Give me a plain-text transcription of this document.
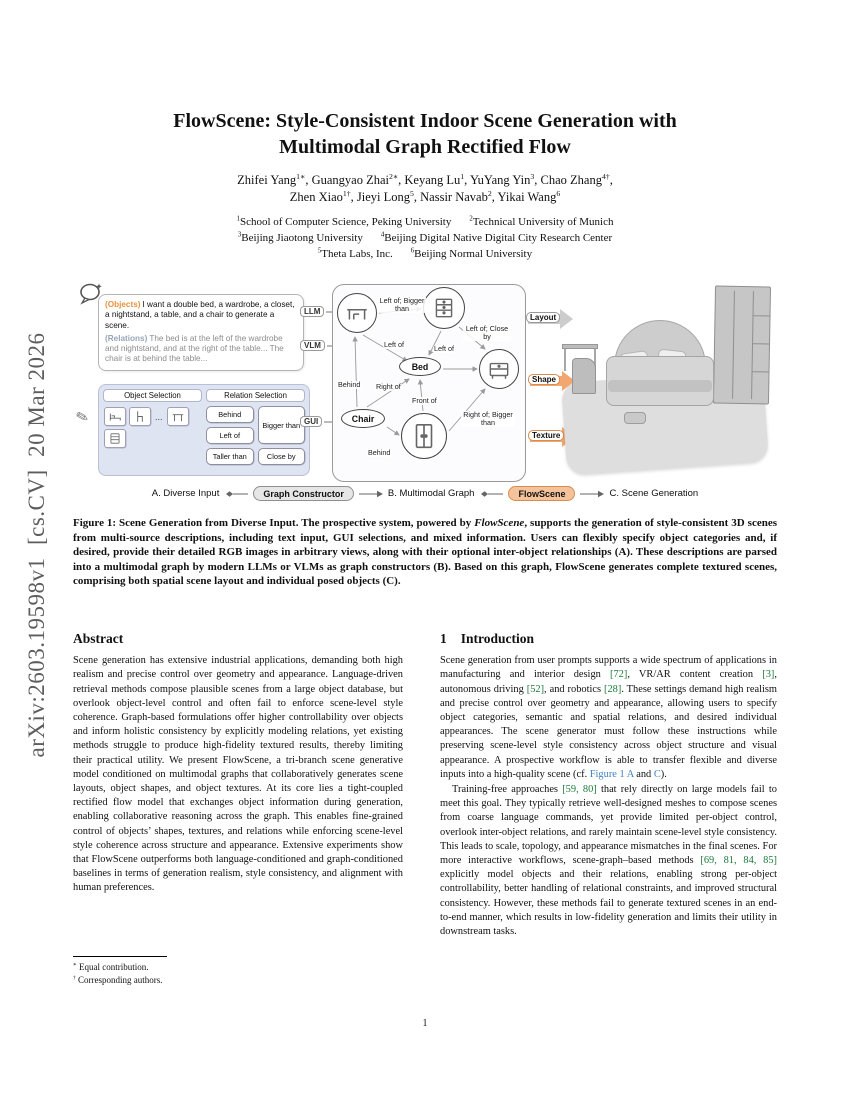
arXiv:2603.19598v1  [cs.CV]  20 Mar 2026
FlowScene: Style-Consistent Indoor Scene Generation with
Multimodal Graph Rectified Flow
Zhifei Yang$^{1∗}$, Guangyao Zhai$^{2∗}$, Keyang Lu$^1$, YuYang Yin$^3$, Chao Zhang$^{4\dagger}$,
Zhen Xiao$^{1\dagger}$, Jieyi Long$^5$, Nassir Navab$^2$, Yikai Wang$^6$
$^1$School of Computer Science, Peking University	$^2$Technical University of Munich
$^3$Beijing Jiaotong University	$^4$Beijing Digital Native Digital City Research Center
$^5$Theta Labs, Inc.	$^6$Beijing Normal University
(Objects) I want a double bed, a wardrobe, a closet, a nightstand, a table, and a chair to generate a scene.
(Relations) The bed is at the left of the wardrobe and nightstand, and at the right of the table... The chair is at behind the table...
Object Selection
...
Relation Selection
Behind
Left of
Taller than
Bigger than
Close by
✎
LLM
VLM
GUI
Bed
Chair
Left of; Bigger than
Left of	Left of
Left of; Close by
Behind Right of
Front of
Right of; Bigger than
Behind
Layout
Shape
Texture
A. Diverse Input	Graph Constructor	B. Multimodal Graph	FlowScene	C. Scene Generation
Figure 1: Scene Generation from Diverse Input. The prospective system, powered by FlowScene, supports the generation of style-consistent 3D scenes from multi-source descriptions, including text input, GUI selections, and mixed information. Users can flexibly specify object categories and, if desired, provide their detailed RGB images in arbitrary views, along with their optional inter-object relationships (A). These descriptions are parsed into a multimodal graph by modern LLMs or VLMs as graph constructors (B). Based on this graph, FlowScene generates complete textured scenes, comprising both spatial scene layout and individual posed objects (C).
Abstract

Scene generation has extensive industrial applications, demanding both high realism and precise control over geometry and appearance. Language-driven retrieval methods compose plausible scenes from a large object database, but overlook object-level control and often fail to enforce scene-level style coherence. Graph-based formulations offer higher controllability over objects and inform holistic consistency by explicitly modeling relations, yet existing methods struggle to produce high-fidelity textured results, thereby limiting their practical utility. We present FlowScene, a tri-branch scene generative model conditioned on multimodal graphs that collaboratively generates scene layouts, object shapes, and object textures. At its core lies a tight-coupled rectified flow model that exchanges object information during generation, enabling collaborative reasoning across the graph. This enables fine-grained control of objects’ shapes, textures, and relations while enforcing scene-level style coherence across structure and appearance. Extensive experiments show that FlowScene outperforms both language-conditioned and graph-conditioned baselines in terms of generation realism, style consistency, and alignment with human preferences.

1 Introduction

Scene generation from user prompts supports a wide spectrum of applications in manufacturing and interior design [72], VR/AR content creation [3], autonomous driving [52], and robotics [28]. These settings demand high realism and precise control over geometry and appearance, allowing users to specify object categories, semantic and spatial relations, and desired individual appearances. The scene generator must follow these instructions while preserving scene-level style consistency across object structure and visual appearance. A prospective workflow is able to transfer flexible and diverse inputs into a high-quality scene (cf. Figure 1 A and C).

Training-free approaches [59, 80] that rely directly on large models fail to meet this goal. They typically retrieve well-designed meshes to compose scenes from coarse language commands, yet provide limited per-object control, overlook inter-object relations, and rarely maintain scene-level style consistency. This leads to scale, topology, and appearance mismatches in the final scenes. For more interactive workflows, scene-graph–based methods [69, 81, 84, 85] explicitly model objects and their relations, enabling strong per-object controllability, better handling of relational constraints, and improved structural consistency. However, these methods fail to generate textured scenes in an end-to-end manner, which results in low-fidelity generation and limits their utility in downstream tasks.

∗ Equal contribution.
† Corresponding authors.
1
